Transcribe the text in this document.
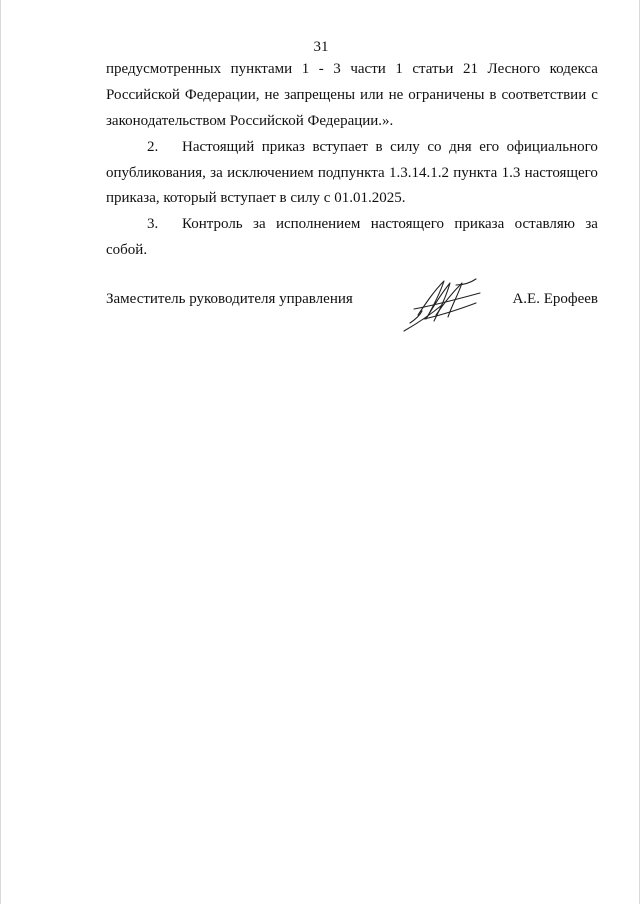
31
предусмотренных пунктами 1 - 3 части 1 статьи 21 Лесного кодекса
Российской Федерации, не запрещены или не ограничены в соответствии с
законодательством Российской Федерации.».
2. Настоящий приказ вступает в силу со дня его официального
опубликования, за исключением подпункта 1.3.14.1.2 пункта 1.3 настоящего
приказа, который вступает в силу с 01.01.2025.
3. Контроль за исполнением настоящего приказа оставляю за
собой.
Заместитель руководителя управления	А.Е. Ерофеев
